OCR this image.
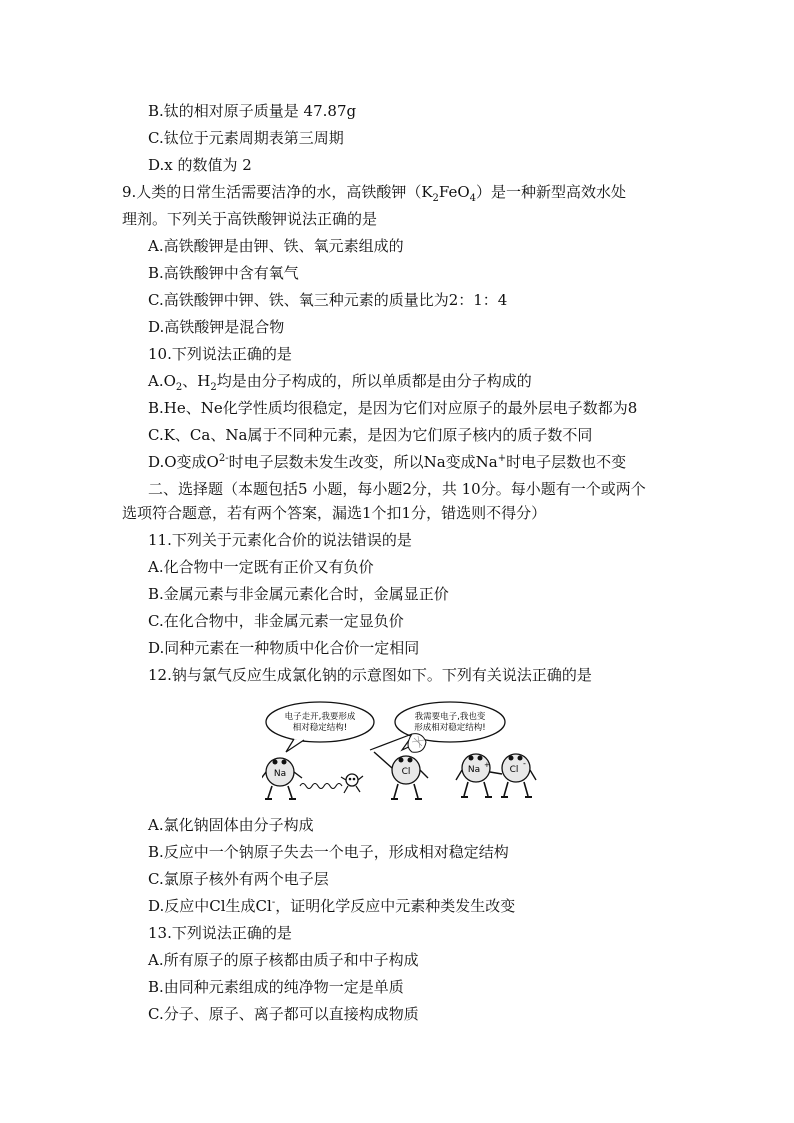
B.钛的相对原子质量是 47.87g
C.钛位于元素周期表第三周期
D.x 的数值为 2
9.人类的日常生活需要洁净的水，高铁酸钾$(K_2FeO_4)$是一种新型高效水处
理剂。下列关于高铁酸钾说法正确的是
A.高铁酸钾是由钾、铁、氧元素组成的
B.高铁酸钾中含有氧气
C.高铁酸钾中钾、铁、氧三种元素的质量比为2：1：4
D.高铁酸钾是混合物
10.下列说法正确的是
$A.O_2$、$H_2$均是由分子构成的，所以单质都是由分子构成的
B.He、Ne化学性质均很稳定，是因为它们对应原子的最外层电子数都为8
C.K、Ca、Na属于不同种元素，是因为它们原子核内的质子数不同
D.O变成$O^{2-}$时电子层数未发生改变，所以Na变成Na+时电子层数也不变
二、选择题（本题包括5 小题，每小题2分，共 10分。每小题有一个或两个
选项符合题意，若有两个答案，漏选1个扣1分，错选则不得分）
11.下列关于元素化合价的说法错误的是
A.化合物中一定既有正价又有负价
B.金属元素与非金属元素化合时，金属显正价
C.在化合物中，非金属元素一定显负价
D.同种元素在一种物质中化合价一定相同
12.钠与氯气反应生成氯化钠的示意图如下。下列有关说法正确的是
电子走开,我要形成
相对稳定结构!
我需要电子,我也变
形成相对稳定结构!
Na	Cl	Na + Cl
-
A.氯化钠固体由分子构成
B.反应中一个钠原子失去一个电子，形成相对稳定结构
C.氯原子核外有两个电子层
D.反应中Cl生成Cl-，证明化学反应中元素种类发生改变
13.下列说法正确的是
A.所有原子的原子核都由质子和中子构成
B.由同种元素组成的纯净物一定是单质
C.分子、原子、离子都可以直接构成物质
